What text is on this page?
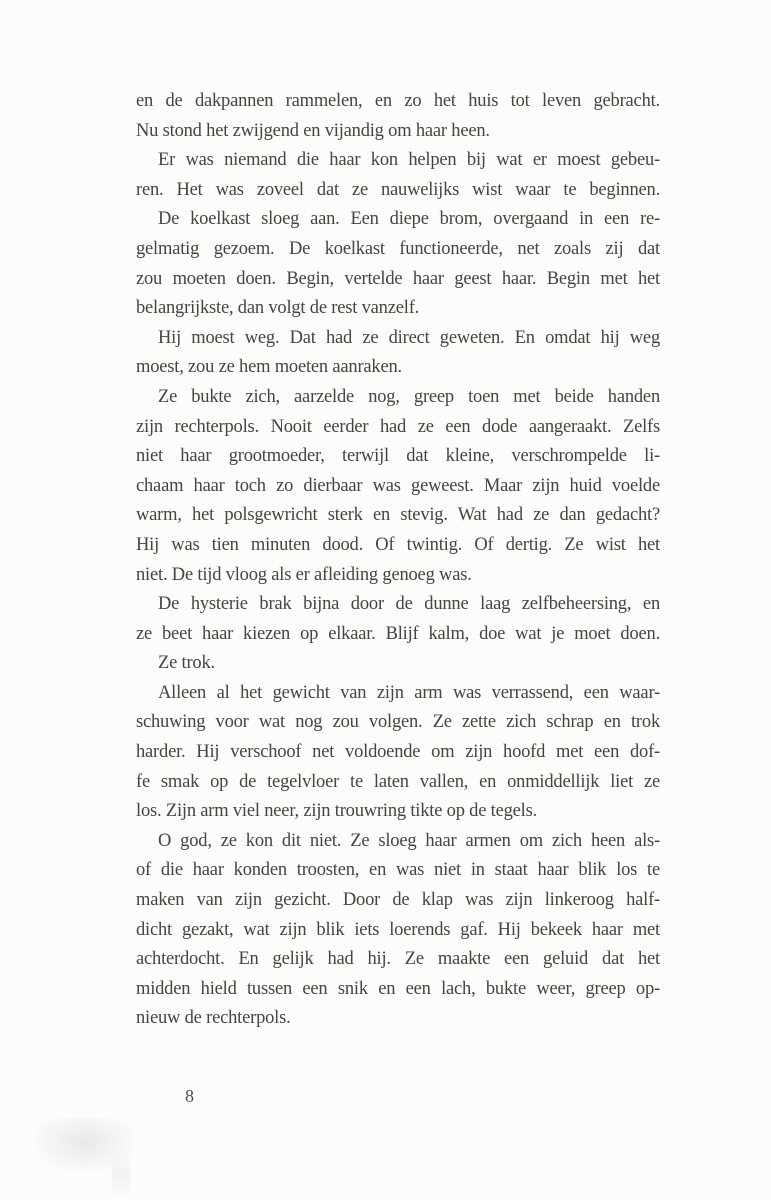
en de dakpannen rammelen, en zo het huis tot leven gebracht.
Nu stond het zwijgend en vijandig om haar heen.
Er was niemand die haar kon helpen bij wat er moest gebeu-
ren. Het was zoveel dat ze nauwelijks wist waar te beginnen.
De koelkast sloeg aan. Een diepe brom, overgaand in een re-
gelmatig gezoem. De koelkast functioneerde, net zoals zij dat
zou moeten doen. Begin, vertelde haar geest haar. Begin met het
belangrijkste, dan volgt de rest vanzelf.
Hij moest weg. Dat had ze direct geweten. En omdat hij weg
moest, zou ze hem moeten aanraken.
Ze bukte zich, aarzelde nog, greep toen met beide handen
zijn rechterpols. Nooit eerder had ze een dode aangeraakt. Zelfs
niet haar grootmoeder, terwijl dat kleine, verschrompelde li-
chaam haar toch zo dierbaar was geweest. Maar zijn huid voelde
warm, het polsgewricht sterk en stevig. Wat had ze dan gedacht?
Hij was tien minuten dood. Of twintig. Of dertig. Ze wist het
niet. De tijd vloog als er afleiding genoeg was.
De hysterie brak bijna door de dunne laag zelfbeheersing, en
ze beet haar kiezen op elkaar. Blijf kalm, doe wat je moet doen.
Ze trok.
Alleen al het gewicht van zijn arm was verrassend, een waar-
schuwing voor wat nog zou volgen. Ze zette zich schrap en trok
harder. Hij verschoof net voldoende om zijn hoofd met een dof-
fe smak op de tegelvloer te laten vallen, en onmiddellijk liet ze
los. Zijn arm viel neer, zijn trouwring tikte op de tegels.
O god, ze kon dit niet. Ze sloeg haar armen om zich heen als-
of die haar konden troosten, en was niet in staat haar blik los te
maken van zijn gezicht. Door de klap was zijn linkeroog half-
dicht gezakt, wat zijn blik iets loerends gaf. Hij bekeek haar met
achterdocht. En gelijk had hij. Ze maakte een geluid dat het
midden hield tussen een snik en een lach, bukte weer, greep op-
nieuw de rechterpols.
8
